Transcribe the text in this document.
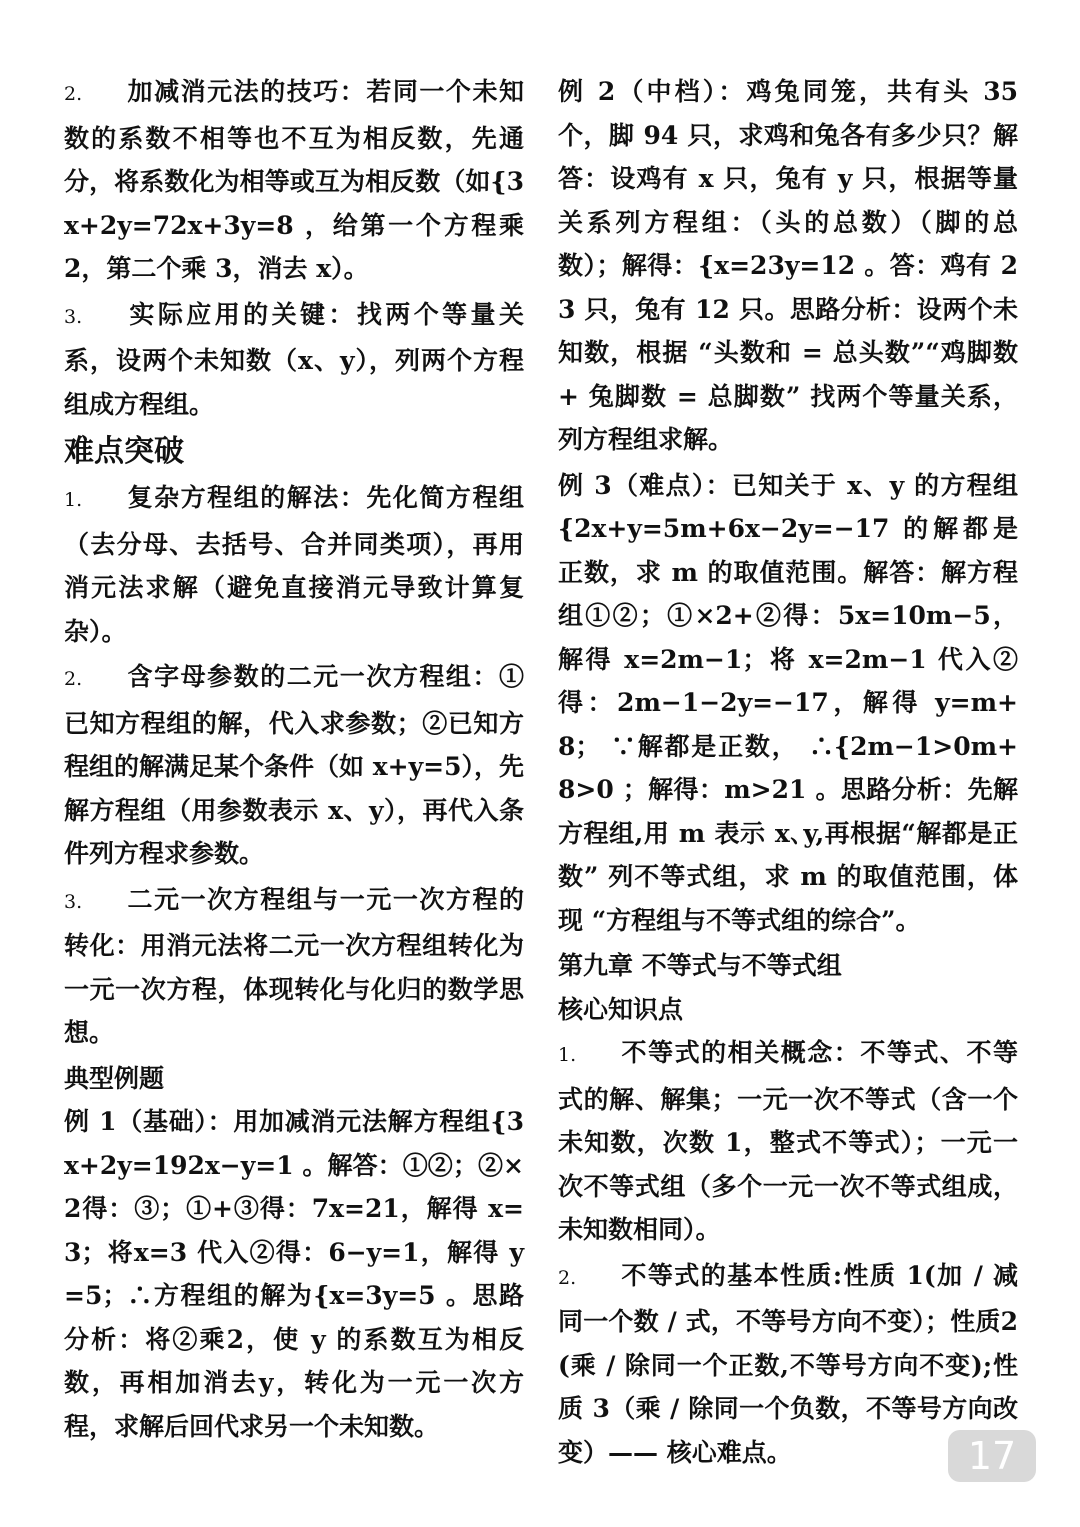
2. 加减消元法的技巧：若同一个未知数的系数不相等也不互为相反数，先通分，将系数化为相等或互为相反数（如{3x+2y=72x+3y=8 ，给第一个方程乘 2，第二个乘 3，消去 x）。

3. 实际应用的关键：找两个等量关系，设两个未知数（x、y），列两个方程组成方程组。

难点突破

1. 复杂方程组的解法：先化简方程组（去分母、去括号、合并同类项），再用消元法求解（避免直接消元导致计算复杂）。

2. 含字母参数的二元一次方程组：①已知方程组的解，代入求参数；②已知方程组的解满足某个条件（如 x+y=5），先解方程组（用参数表示 x、y），再代入条件列方程求参数。

3. 二元一次方程组与一元一次方程的转化：用消元法将二元一次方程组转化为一元一次方程，体现转化与化归的数学思想。

典型例题

例 1（基础）：用加减消元法解方程组{3x+2y=192x−y=1 。解答：①②；②×2得：③；①+③得：7x=21，解得 x=3；将x=3 代入②得：6−y=1，解得 y=5；∴方程组的解为{x=3y=5 。思路分析：将②乘2，使 y 的系数互为相反数，再相加消去y，转化为一元一次方程，求解后回代求另一个未知数。

例 2（中档）：鸡兔同笼，共有头 35 个，脚 94 只，求鸡和兔各有多少只？解答：设鸡有 x 只，兔有 y 只，根据等量关系列方程组：（头的总数）（脚的总数）；解得：{x=23y=12 。答：鸡有 23 只，兔有 12 只。思路分析：设两个未知数，根据 “头数和 = 总头数”“鸡脚数 + 兔脚数 = 总脚数” 找两个等量关系，列方程组求解。

例 3（难点）：已知关于 x、y 的方程组{2x+y=5m+6x−2y=−17 的解都是正数，求 m 的取值范围。解答：解方程组①②；①×2+②得：5x=10m−5，解得 x=2m−1；将 x=2m−1 代入②得：2m−1−2y=−17，解得 y=m+8； ∵解都是正数， ∴{2m−1>0m+8>0 ；解得：m>21 。思路分析：先解方程组,用 m 表示 x､y,再根据“解都是正数” 列不等式组，求 m 的取值范围，体现 “方程组与不等式组的综合”。

第九章 不等式与不等式组
核心知识点

1. 不等式的相关概念：不等式、不等式的解、解集；一元一次不等式（含一个未知数，次数 1，整式不等式）；一元一次不等式组（多个一元一次不等式组成，未知数相同）。

2. 不等式的基本性质:性质 1(加 / 减同一个数 / 式，不等号方向不变）；性质2(乘 / 除同一个正数,不等号方向不变);性质 3（乘 / 除同一个负数，不等号方向改变）—— 核心难点。	17
